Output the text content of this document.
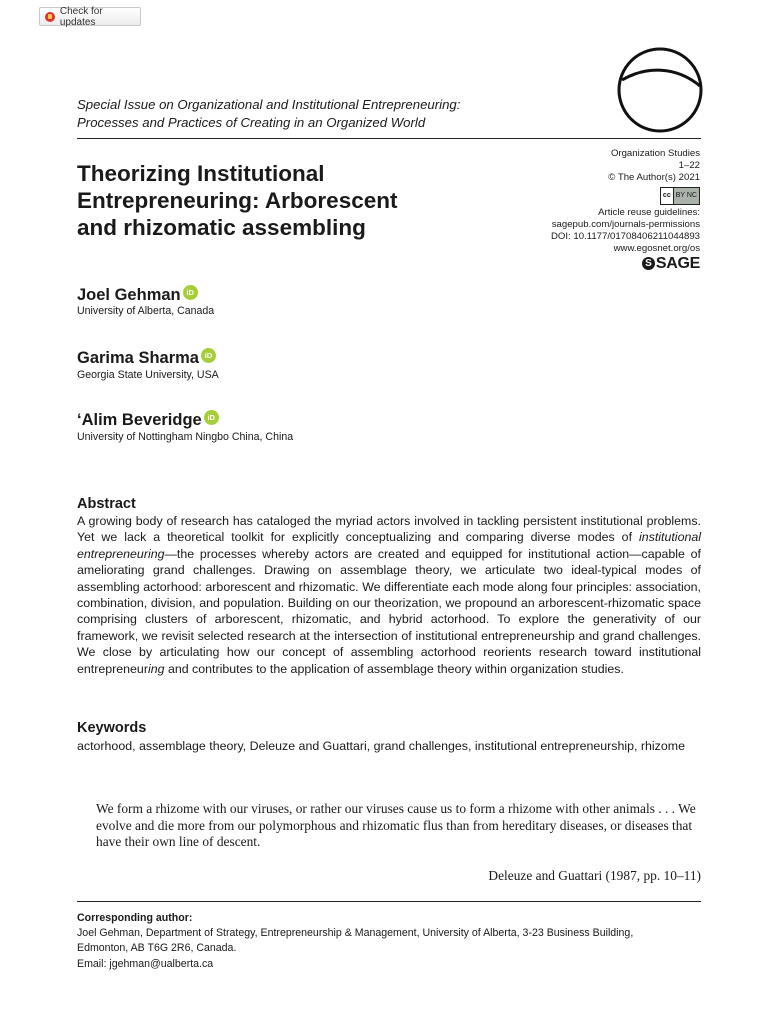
Check for updates
Special Issue on Organizational and Institutional Entrepreneuring:
Processes and Practices of Creating in an Organized World
Theorizing Institutional
Entrepreneuring: Arborescent
and rhizomatic assembling
Organization Studies
1–22
© The Author(s) 2021
cc BY NC
Article reuse guidelines:
sagepub.com/journals-permissions
DOI: 10.1177/01708406211044893
www.egosnet.org/os
S SAGE
Joel Gehman iD
University of Alberta, Canada
Garima Sharma iD
Georgia State University, USA
‘Alim Beveridge iD
University of Nottingham Ningbo China, China
Abstract
A growing body of research has cataloged the myriad actors involved in tackling persistent institutional problems. Yet we lack a theoretical toolkit for explicitly conceptualizing and comparing diverse modes of institutional entrepreneuring—the processes whereby actors are created and equipped for institutional action—capable of ameliorating grand challenges. Drawing on assemblage theory, we articulate two ideal-typical modes of assembling actorhood: arborescent and rhizomatic. We differentiate each mode along four principles: association, combination, division, and population. Building on our theorization, we propound an arborescent-rhizomatic space comprising clusters of arborescent, rhizomatic, and hybrid actorhood. To explore the generativity of our framework, we revisit selected research at the intersection of institutional entrepreneurship and grand challenges. We close by articulating how our concept of assembling actorhood reorients research toward institutional entrepreneuring and contributes to the application of assemblage theory within organization studies.
Keywords
actorhood, assemblage theory, Deleuze and Guattari, grand challenges, institutional entrepreneurship, rhizome
We form a rhizome with our viruses, or rather our viruses cause us to form a rhizome with other animals . . . We evolve and die more from our polymorphous and rhizomatic flus than from hereditary diseases, or diseases that have their own line of descent.
Deleuze and Guattari (1987, pp. 10–11)
Corresponding author:
Joel Gehman, Department of Strategy, Entrepreneurship & Management, University of Alberta, 3-23 Business Building,
Edmonton, AB T6G 2R6, Canada.
Email: jgehman@ualberta.ca
